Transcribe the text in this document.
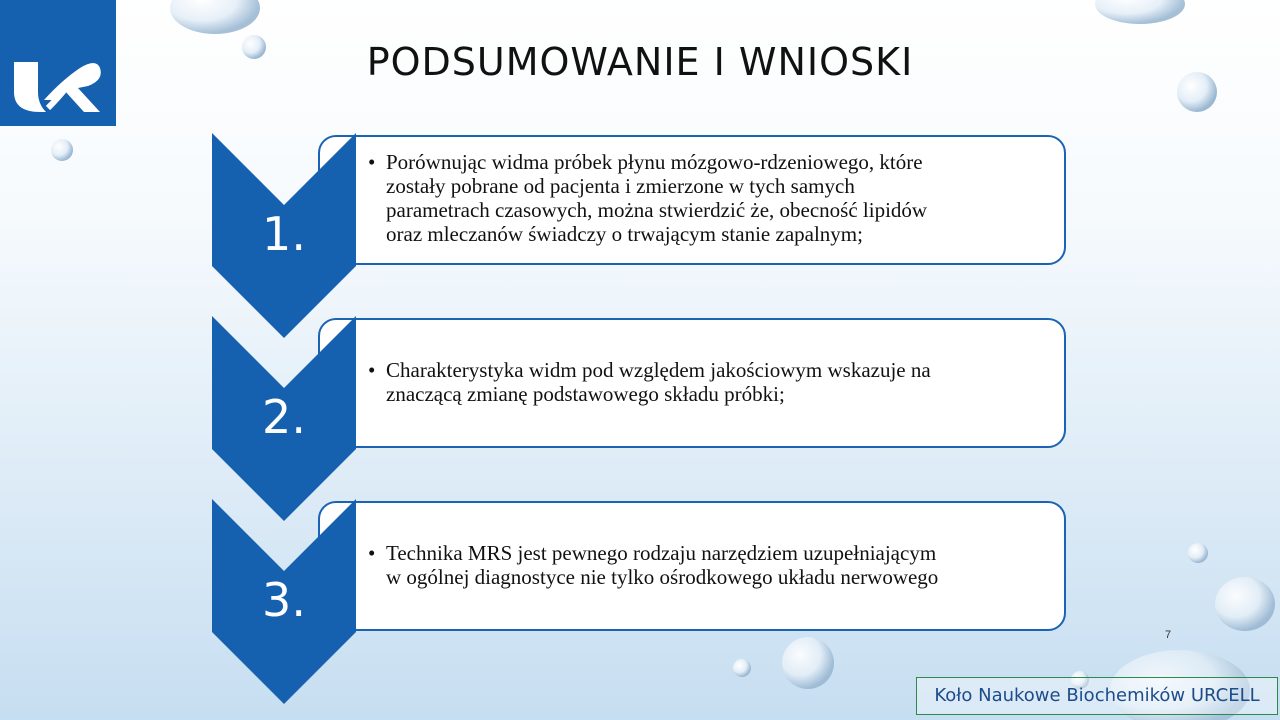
PODSUMOWANIE I WNIOSKI
1.
• Porównując widma próbek płynu mózgowo-rdzeniowego, które
zostały pobrane od pacjenta i zmierzone w tych samych
parametrach czasowych, można stwierdzić że, obecność lipidów
oraz mleczanów świadczy o trwającym stanie zapalnym;
2.
• Charakterystyka widm pod względem jakościowym wskazuje na
znaczącą zmianę podstawowego składu próbki;
3.
• Technika MRS jest pewnego rodzaju narzędziem uzupełniającym
w ogólnej diagnostyce nie tylko ośrodkowego układu nerwowego
7
Koło Naukowe Biochemików URCELL
